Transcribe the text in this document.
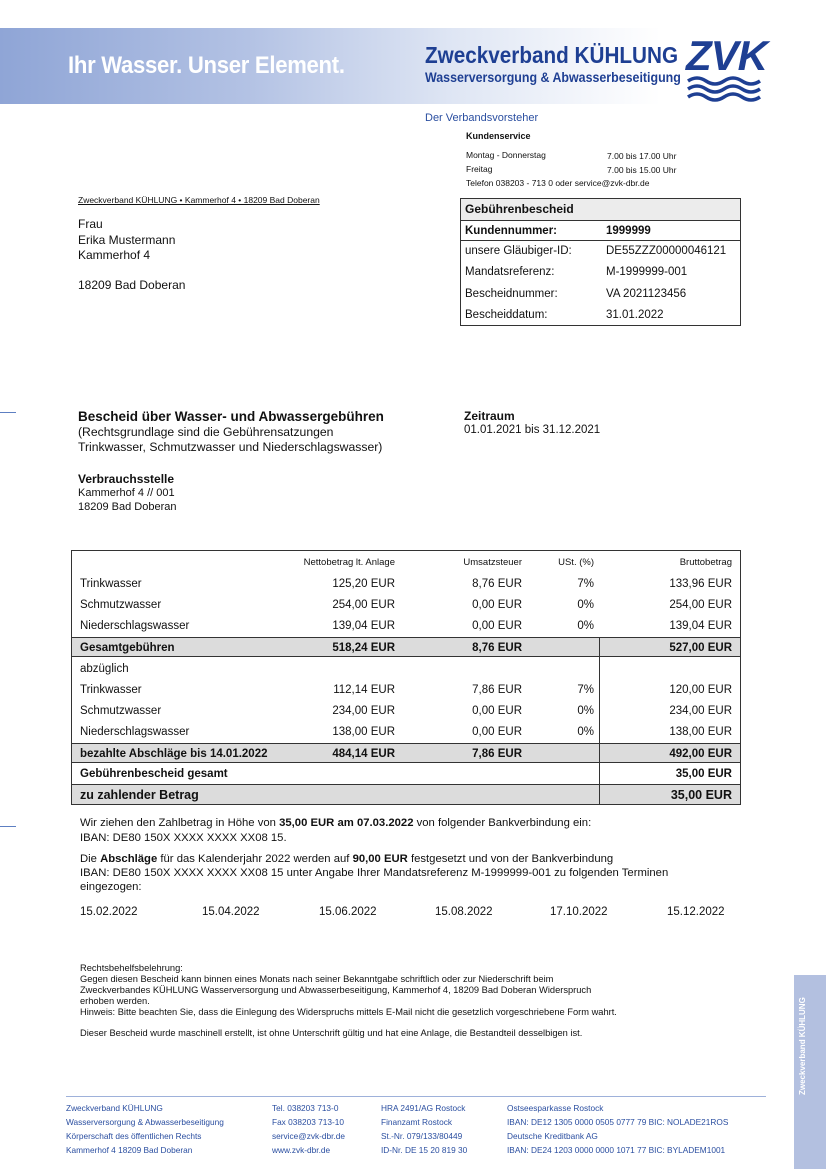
Ihr Wasser. Unser Element.	Zweckverband KÜHLUNG
Wasserversorgung & Abwasserbeseitigung ZVK
Zweckverband KÜHLUNG
Der Verbandsvorsteher
Kundenservice
Montag - Donnerstag	7.00 bis 17.00 Uhr
Freitag	7.00 bis 15.00 Uhr
Telefon 038203 - 713 0 oder service@zvk-dbr.de
Zweckverband KÜHLUNG • Kammerhof 4 • 18209 Bad Doberan
Frau
Erika Mustermann
Kammerhof 4
18209 Bad Doberan
Gebührenbescheid
Kundennummer:	1999999
unsere Gläubiger-ID:	DE55ZZZ00000046121
Mandatsreferenz:	M-1999999-001
Bescheidnummer:	VA 2021123456
Bescheiddatum:	31.01.2022
Bescheid über Wasser- und Abwassergebühren
(Rechtsgrundlage sind die Gebührensatzungen
Trinkwasser, Schmutzwasser und Niederschlagswasser)
Zeitraum
01.01.2021 bis 31.12.2021
Verbrauchsstelle
Kammerhof 4 // 001
18209 Bad Doberan
Nettobetrag lt. Anlage	Umsatzsteuer	USt. (%)	Bruttobetrag
Trinkwasser	125,20 EUR	8,76 EUR	7%	133,96 EUR
Schmutzwasser	254,00 EUR	0,00 EUR	0%	254,00 EUR
Niederschlagswasser	139,04 EUR	0,00 EUR	0%	139,04 EUR
Gesamtgebühren	518,24 EUR	8,76 EUR	527,00 EUR
abzüglich
Trinkwasser	112,14 EUR	7,86 EUR	7%	120,00 EUR
Schmutzwasser	234,00 EUR	0,00 EUR	0%	234,00 EUR
Niederschlagswasser	138,00 EUR	0,00 EUR	0%	138,00 EUR
bezahlte Abschläge bis 14.01.2022	484,14 EUR	7,86 EUR	492,00 EUR
Gebührenbescheid gesamt	35,00 EUR
zu zahlender Betrag	35,00 EUR
Wir ziehen den Zahlbetrag in Höhe von 35,00 EUR am 07.03.2022 von folgender Bankverbindung ein:
IBAN: DE80 150X XXXX XXXX XX08 15.
Die Abschläge für das Kalenderjahr 2022 werden auf 90,00 EUR festgesetzt und von der Bankverbindung
IBAN: DE80 150X XXXX XXXX XX08 15 unter Angabe Ihrer Mandatsreferenz M-1999999-001 zu folgenden Terminen
eingezogen:
15.02.2022	15.04.2022	15.06.2022	15.08.2022	17.10.2022	15.12.2022
Rechtsbehelfsbelehrung:
Gegen diesen Bescheid kann binnen eines Monats nach seiner Bekanntgabe schriftlich oder zur Niederschrift beim
Zweckverbandes KÜHLUNG Wasserversorgung und Abwasserbeseitigung, Kammerhof 4, 18209 Bad Doberan Widerspruch
erhoben werden.
Hinweis: Bitte beachten Sie, dass die Einlegung des Widerspruchs mittels E-Mail nicht die gesetzlich vorgeschriebene Form wahrt.
Dieser Bescheid wurde maschinell erstellt, ist ohne Unterschrift gültig und hat eine Anlage, die Bestandteil desselbigen ist.
Zweckverband KÜHLUNG
Wasserversorgung & Abwasserbeseitigung
Körperschaft des öffentlichen Rechts
Kammerhof 4 18209 Bad Doberan
Tel. 038203 713-0
Fax 038203 713-10
service@zvk-dbr.de
www.zvk-dbr.de
HRA 2491/AG Rostock
Finanzamt Rostock
St.-Nr. 079/133/80449
ID-Nr. DE 15 20 819 30
Ostseesparkasse Rostock
IBAN: DE12 1305 0000 0505 0777 79 BIC: NOLADE21ROS
Deutsche Kreditbank AG
IBAN: DE24 1203 0000 0000 1071 77 BIC: BYLADEM1001
